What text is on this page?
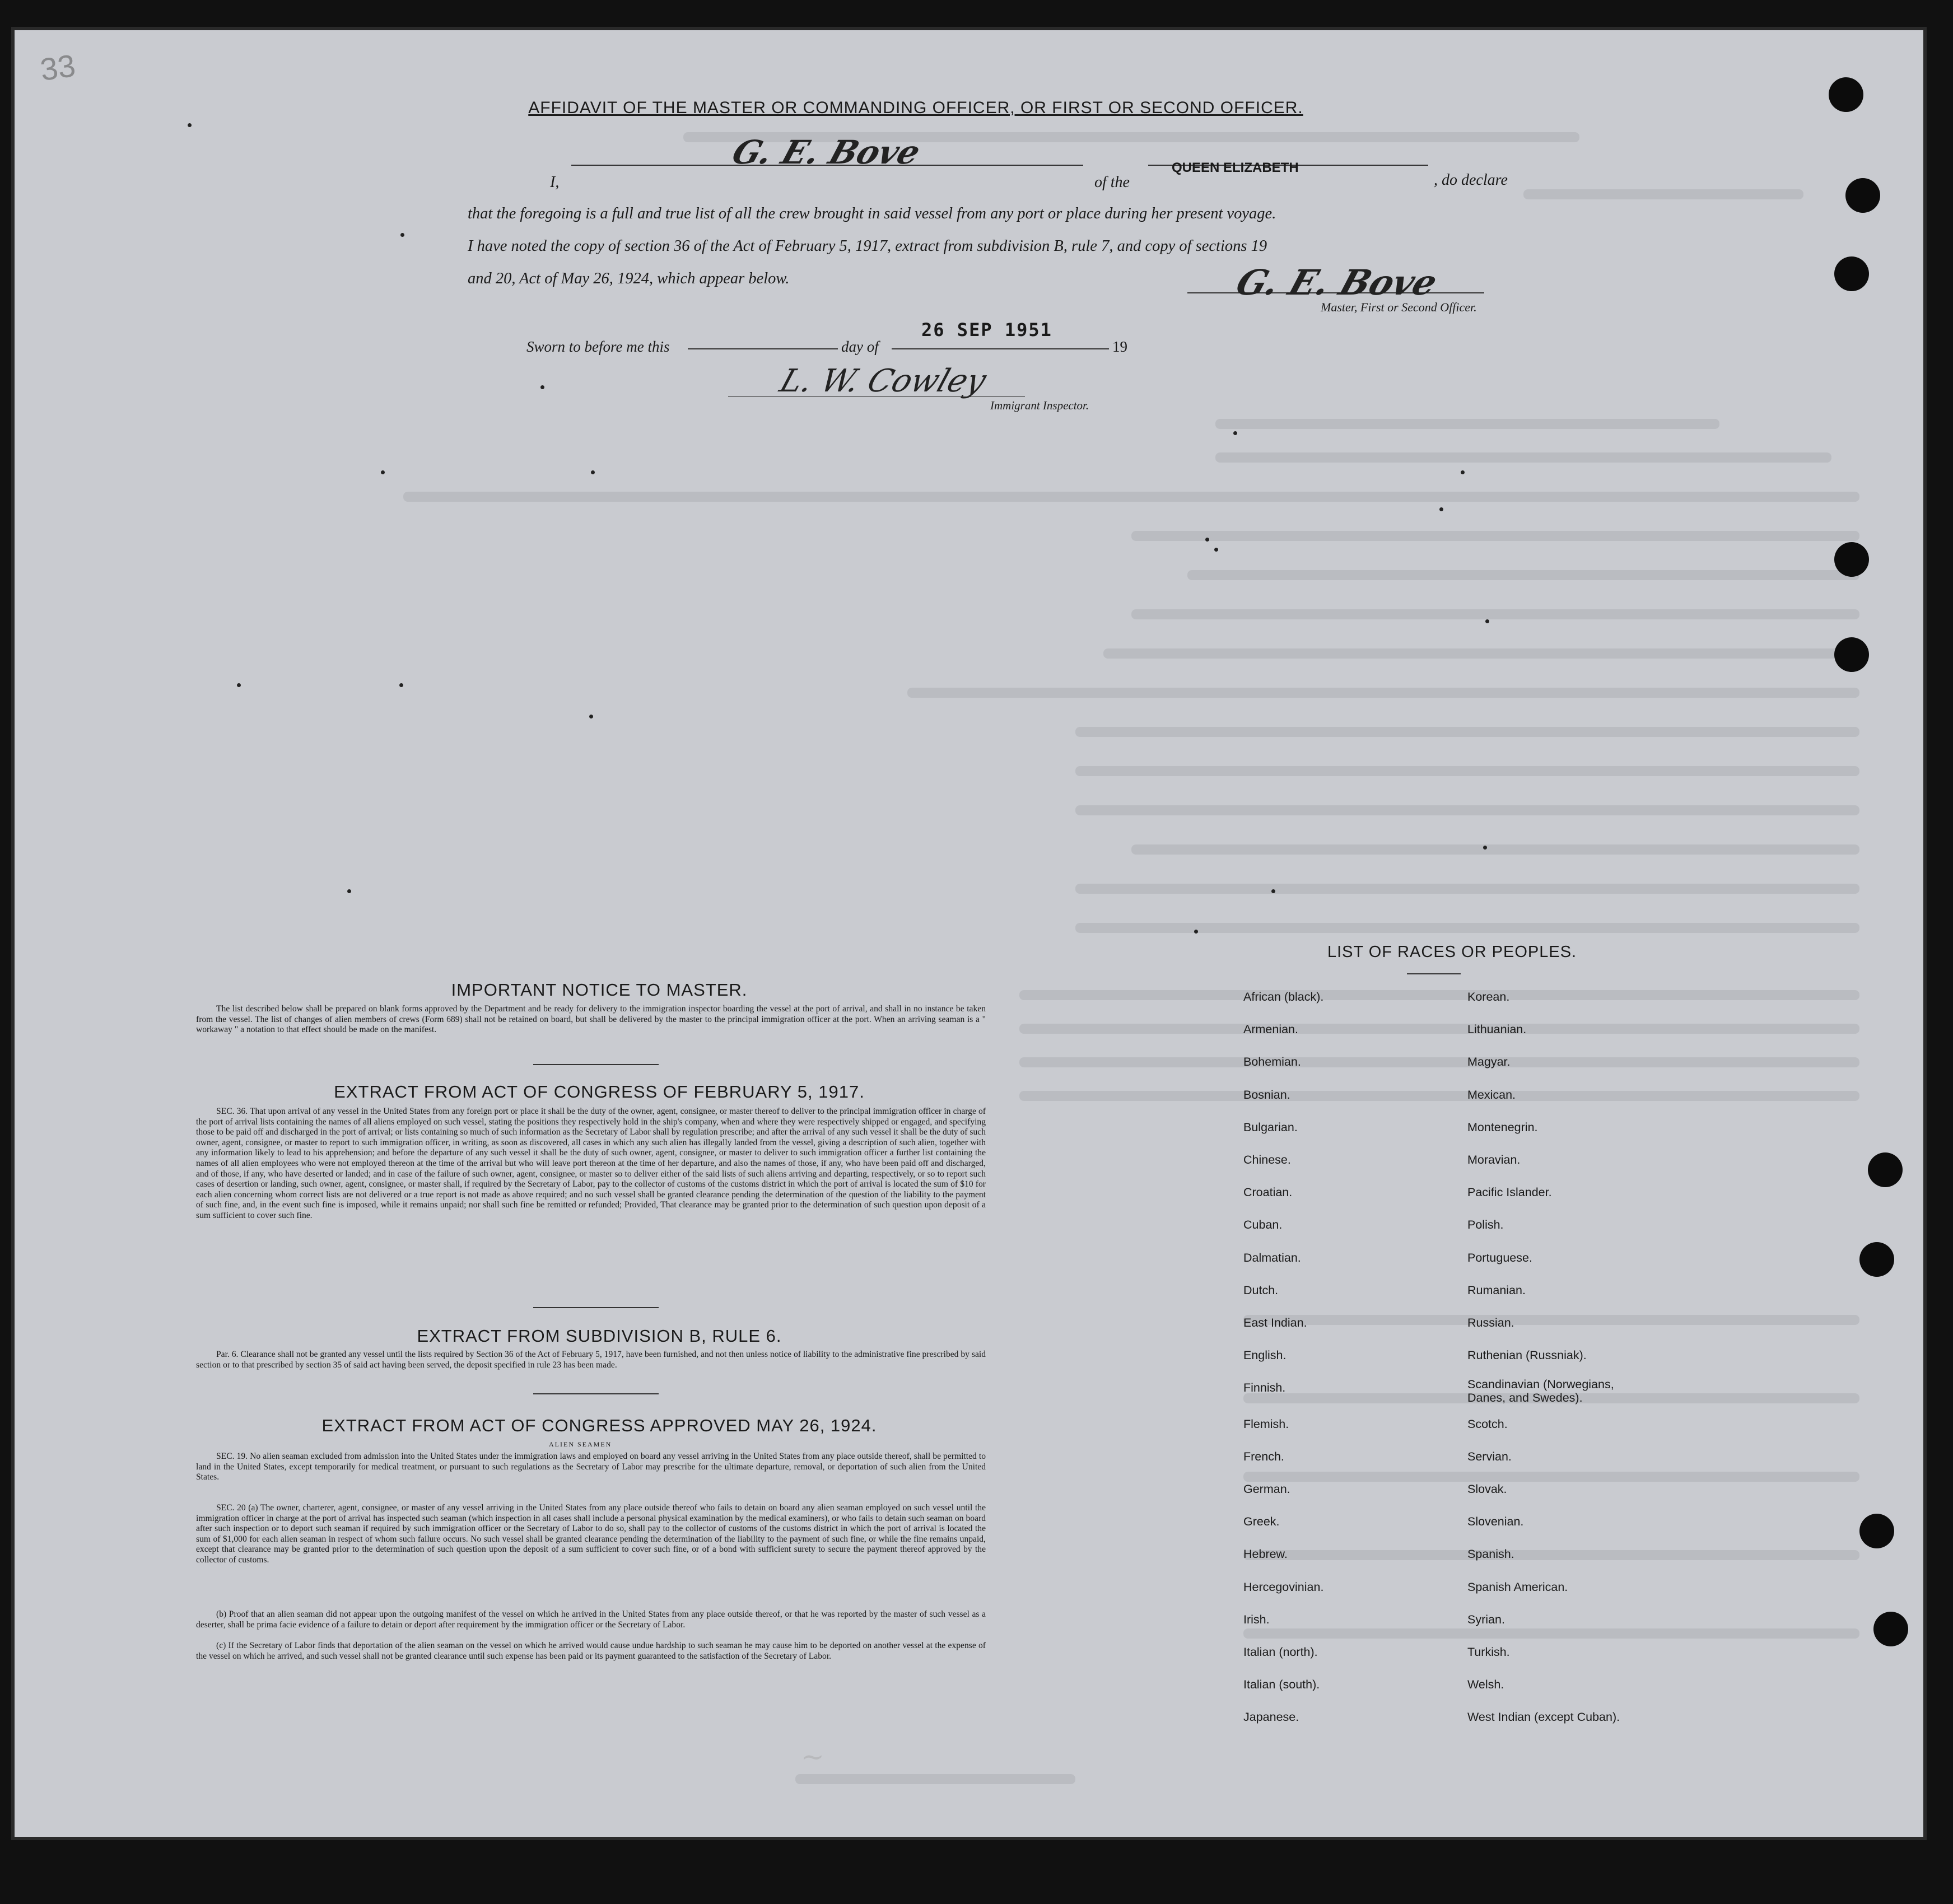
33
AFFIDAVIT OF THE MASTER OR COMMANDING OFFICER, OR FIRST OR SECOND OFFICER.
I,
G. E. Bove
of the
QUEEN ELIZABETH
, do declare
that the foregoing is a full and true list of all the crew brought in said vessel from any port or place during her present voyage.
I have noted the copy of section 36 of the Act of February 5, 1917, extract from subdivision B, rule 7, and copy of sections 19
and 20, Act of May 26, 1924, which appear below.	G. E. Bove
Master, First or Second Officer.
Sworn to before me this	day of
26 SEP 1951
19
L. W. Cowley
Immigrant Inspector.
IMPORTANT NOTICE TO MASTER.
The list described below shall be prepared on blank forms approved by the Department and be ready for delivery to the immigration inspector boarding the vessel at the port of arrival, and shall in no instance be taken from the vessel. The list of changes of alien members of crews (Form 689) shall not be retained on board, but shall be delivered by the master to the principal immigration officer at the port. When an arriving seaman is a " workaway " a notation to that effect should be made on the manifest.
EXTRACT FROM ACT OF CONGRESS OF FEBRUARY 5, 1917.
SEC. 36. That upon arrival of any vessel in the United States from any foreign port or place it shall be the duty of the owner, agent, consignee, or master thereof to deliver to the principal immigration officer in charge of the port of arrival lists containing the names of all aliens employed on such vessel, stating the positions they respectively hold in the ship's company, when and where they were respectively shipped or engaged, and specifying those to be paid off and discharged in the port of arrival; or lists containing so much of such information as the Secretary of Labor shall by regulation prescribe; and after the arrival of any such vessel it shall be the duty of such owner, agent, consignee, or master to report to such immigration officer, in writing, as soon as discovered, all cases in which any such alien has illegally landed from the vessel, giving a description of such alien, together with any information likely to lead to his apprehension; and before the departure of any such vessel it shall be the duty of such owner, agent, consignee, or master to deliver to such immigration officer a further list containing the names of all alien employees who were not employed thereon at the time of the arrival but who will leave port thereon at the time of her departure, and also the names of those, if any, who have been paid off and discharged, and of those, if any, who have deserted or landed; and in case of the failure of such owner, agent, consignee, or master so to deliver either of the said lists of such aliens arriving and departing, respectively, or so to report such cases of desertion or landing, such owner, agent, consignee, or master shall, if required by the Secretary of Labor, pay to the collector of customs of the customs district in which the port of arrival is located the sum of $10 for each alien concerning whom correct lists are not delivered or a true report is not made as above required; and no such vessel shall be granted clearance pending the determination of the question of the liability to the payment of such fine, and, in the event such fine is imposed, while it remains unpaid; nor shall such fine be remitted or refunded; Provided, That clearance may be granted prior to the determination of such question upon deposit of a sum sufficient to cover such fine.
EXTRACT FROM SUBDIVISION B, RULE 6.
Par. 6. Clearance shall not be granted any vessel until the lists required by Section 36 of the Act of February 5, 1917, have been furnished, and not then unless notice of liability to the administrative fine prescribed by said section or to that prescribed by section 35 of said act having been served, the deposit specified in rule 23 has been made.
EXTRACT FROM ACT OF CONGRESS APPROVED MAY 26, 1924.
ALIEN SEAMEN
SEC. 19. No alien seaman excluded from admission into the United States under the immigration laws and employed on board any vessel arriving in the United States from any place outside thereof, shall be permitted to land in the United States, except temporarily for medical treatment, or pursuant to such regulations as the Secretary of Labor may prescribe for the ultimate departure, removal, or deportation of such alien from the United States.
SEC. 20 (a) The owner, charterer, agent, consignee, or master of any vessel arriving in the United States from any place outside thereof who fails to detain on board any alien seaman employed on such vessel until the immigration officer in charge at the port of arrival has inspected such seaman (which inspection in all cases shall include a personal physical examination by the medical examiners), or who fails to detain such seaman on board after such inspection or to deport such seaman if required by such immigration officer or the Secretary of Labor to do so, shall pay to the collector of customs of the customs district in which the port of arrival is located the sum of $1,000 for each alien seaman in respect of whom such failure occurs. No such vessel shall be granted clearance pending the determination of the liability to the payment of such fine, or while the fine remains unpaid, except that clearance may be granted prior to the determination of such question upon the deposit of a sum sufficient to cover such fine, or of a bond with sufficient surety to secure the payment thereof approved by the collector of customs.
(b) Proof that an alien seaman did not appear upon the outgoing manifest of the vessel on which he arrived in the United States from any place outside thereof, or that he was reported by the master of such vessel as a deserter, shall be prima facie evidence of a failure to detain or deport after requirement by the immigration officer or the Secretary of Labor.
(c) If the Secretary of Labor finds that deportation of the alien seaman on the vessel on which he arrived would cause undue hardship to such seaman he may cause him to be deported on another vessel at the expense of the vessel on which he arrived, and such vessel shall not be granted clearance until such expense has been paid or its payment guaranteed to the satisfaction of the Secretary of Labor.
LIST OF RACES OR PEOPLES.
African (black).
Armenian.
Bohemian.
Bosnian.
Bulgarian.
Chinese.
Croatian.
Cuban.
Dalmatian.
Dutch.
East Indian.
English.
Finnish.
Flemish.
French.
German.
Greek.
Hebrew.
Hercegovinian.
Irish.
Italian (north).
Italian (south).
Japanese.
Korean.
Lithuanian.
Magyar.
Mexican.
Montenegrin.
Moravian.
Pacific Islander.
Polish.
Portuguese.
Rumanian.
Russian.
Ruthenian (Russniak).
Scandinavian (Norwegians, Danes, and Swedes).
Scotch.
Servian.
Slovak.
Slovenian.
Spanish.
Spanish American.
Syrian.
Turkish.
Welsh.
West Indian (except Cuban).
~
